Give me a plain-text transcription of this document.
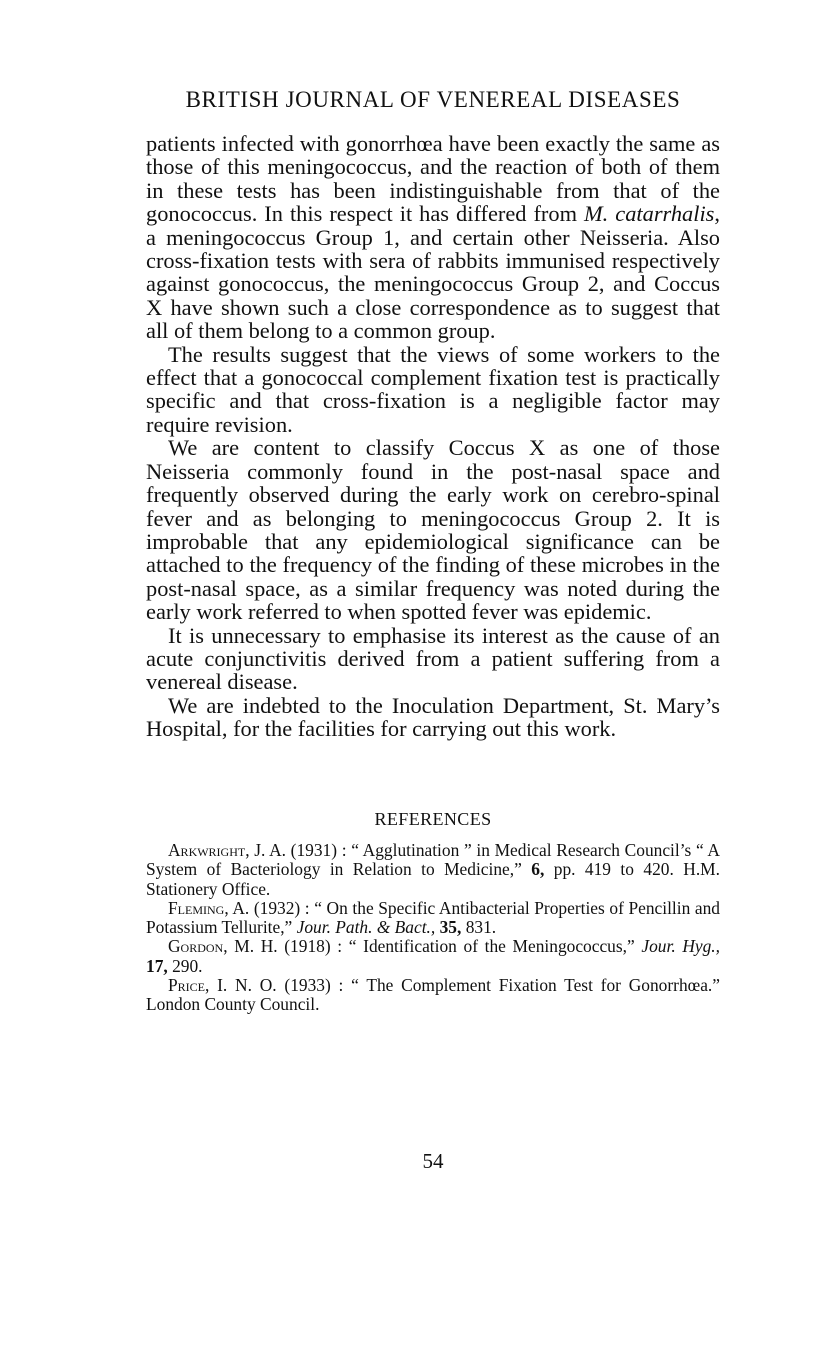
BRITISH JOURNAL OF VENEREAL DISEASES

patients infected with gonorrhœa have been exactly the same as those of this meningococcus, and the reaction of both of them in these tests has been indistinguishable from that of the gonococcus. In this respect it has differed from M. catarrhalis, a meningococcus Group 1, and certain other Neisseria. Also cross-fixation tests with sera of rabbits immunised respectively against gonococcus, the meningococcus Group 2, and Coccus X have shown such a close correspondence as to suggest that all of them belong to a common group.

The results suggest that the views of some workers to the effect that a gonococcal complement fixation test is practically specific and that cross-fixation is a negligible factor may require revision.

We are content to classify Coccus X as one of those Neisseria commonly found in the post-nasal space and frequently observed during the early work on cerebro-spinal fever and as belonging to meningococcus Group 2. It is improbable that any epidemiological significance can be attached to the frequency of the finding of these microbes in the post-nasal space, as a similar frequency was noted during the early work referred to when spotted fever was epidemic.

It is unnecessary to emphasise its interest as the cause of an acute conjunctivitis derived from a patient suffering from a venereal disease.

We are indebted to the Inoculation Department, St. Mary’s Hospital, for the facilities for carrying out this work.

REFERENCES

Arkwright, J. A. (1931) : “ Agglutination ” in Medical Research Council’s “ A System of Bacteriology in Relation to Medicine,” 6, pp. 419 to 420. H.M. Stationery Office.

Fleming, A. (1932) : “ On the Specific Antibacterial Properties of Pencillin and Potassium Tellurite,” Jour. Path. & Bact., 35, 831.

Gordon, M. H. (1918) : “ Identification of the Meningococcus,” Jour. Hyg., 17, 290.

Price, I. N. O. (1933) : “ The Complement Fixation Test for Gonorrhœa.” London County Council.

54
